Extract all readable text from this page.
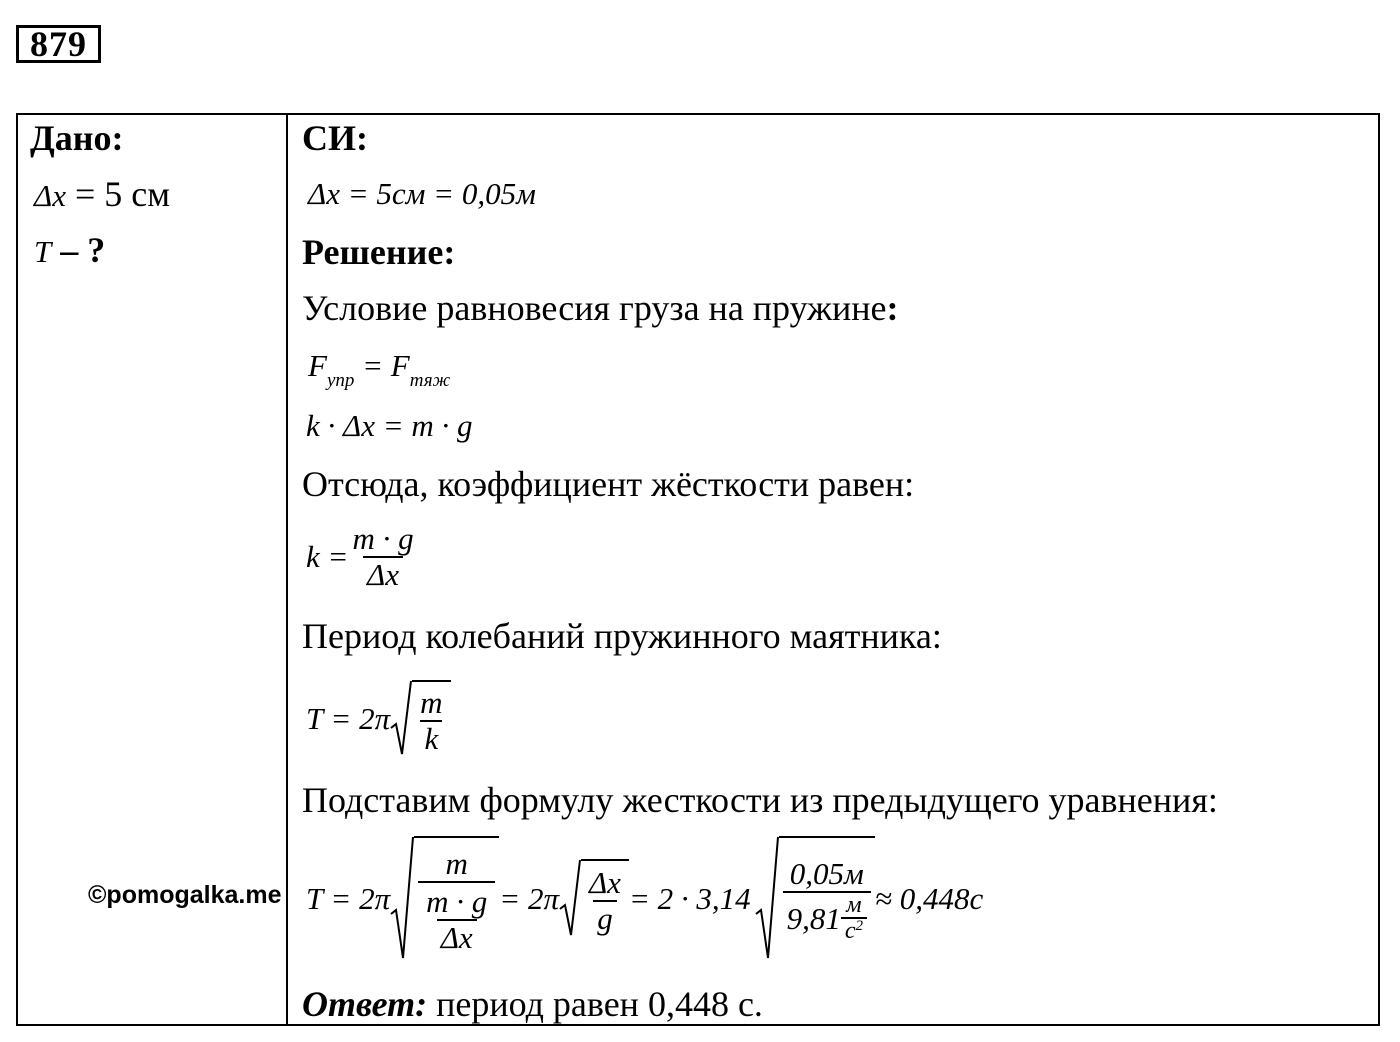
879
Дано:
Δx = 5 см
T – ?
СИ:
Δx = 5см = 0,05м
Решение:
Условие равновесия груза на пружине:
$F_{упр} = F_{тяж}$
k · Δx = m · g
Отсюда, коэффициент жёсткости равен:
$k = \frac{m \cdot g}{\Delta x}$
Период колебаний пружинного маятника:
$T = 2\pi \frac{m}{k}$
Подставим формулу жесткости из предыдущего уравнения:
$T = 2\pi \frac{m}{\frac{m \cdot g}{\Delta x}} = 2\pi \frac{\Delta x}{g} = 2 \cdot 3,14 \frac{0,05м}{9,81 \frac{м}{с^2}} \approx 0,448с$
Ответ: период равен 0,448 с.
©pomogalka.me
